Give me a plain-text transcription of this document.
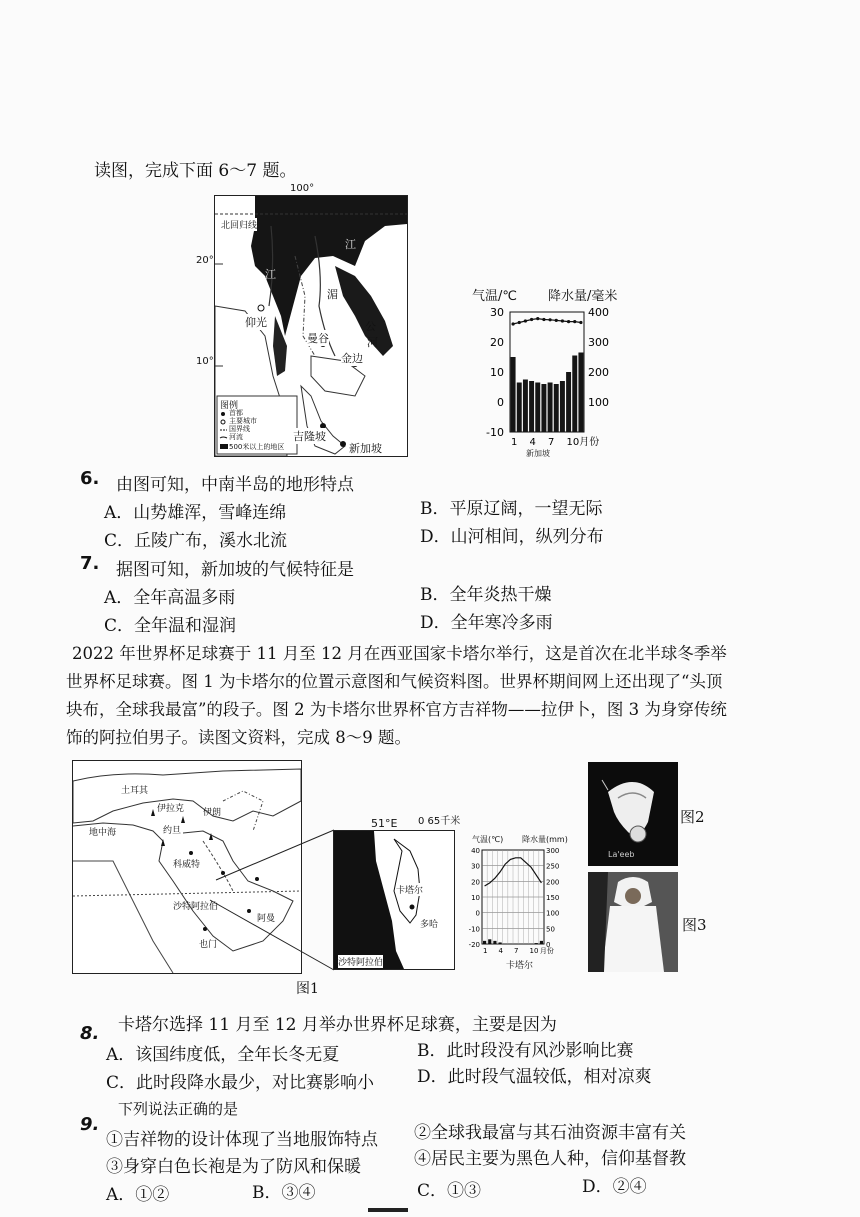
读图，完成下面 6～7 题。
100°
20°
10°
北回归线
江
江
仰光
湄
公
河
曼谷
金边
吉隆坡
新加坡
图例
首都
主要城市
国界线
河流
500米以上的地区
气温/℃ 降水量/毫米
30
20
10
0
-10
400
300
200
100
1 4 7 10月份
新加坡
6. 由图可知，中南半岛的地形特点
A．山势雄浑，雪峰连绵	B．平原辽阔，一望无际
C．丘陵广布，溪水北流	D．山河相间，纵列分布
7. 据图可知，新加坡的气候特征是
A．全年高温多雨	B．全年炎热干燥
C．全年温和湿润	D．全年寒冷多雨
2022 年世界杯足球赛于 11 月至 12 月在西亚国家卡塔尔举行，这是首次在北半球冬季举
世界杯足球赛。图 1 为卡塔尔的位置示意图和气候资料图。世界杯期间网上还出现了“头顶
块布，全球我最富”的段子。图 2 为卡塔尔世界杯官方吉祥物——拉伊卜，图 3 为身穿传统
饰的阿拉伯男子。读图文资料，完成 8～9 题。
土耳其
地中海
伊朗
伊拉克
约旦
科威特
沙特阿拉伯
阿曼
也门
图1
51°E 0 65千米
卡塔尔
多哈
沙特阿拉伯
气温(℃) 降水量(mm)
40
30
20
10
0
-10
-20
300
250
200
150
100
50
0
1 4 7 10 月份
卡塔尔
La'eeb
图2
图3
8. 卡塔尔选择 11 月至 12 月举办世界杯足球赛，主要是因为
A．该国纬度低，全年长冬无夏	B．此时段没有风沙影响比赛
C．此时段降水最少，对比赛影响小	D．此时段气温较低，相对凉爽
9.
下列说法正确的是
①吉祥物的设计体现了当地服饰特点 ②全球我最富与其石油资源丰富有关
③身穿白色长袍是为了防风和保暖	④居民主要为黑色人种，信仰基督教
A．①②	B．③④	C．①③	D．②④
